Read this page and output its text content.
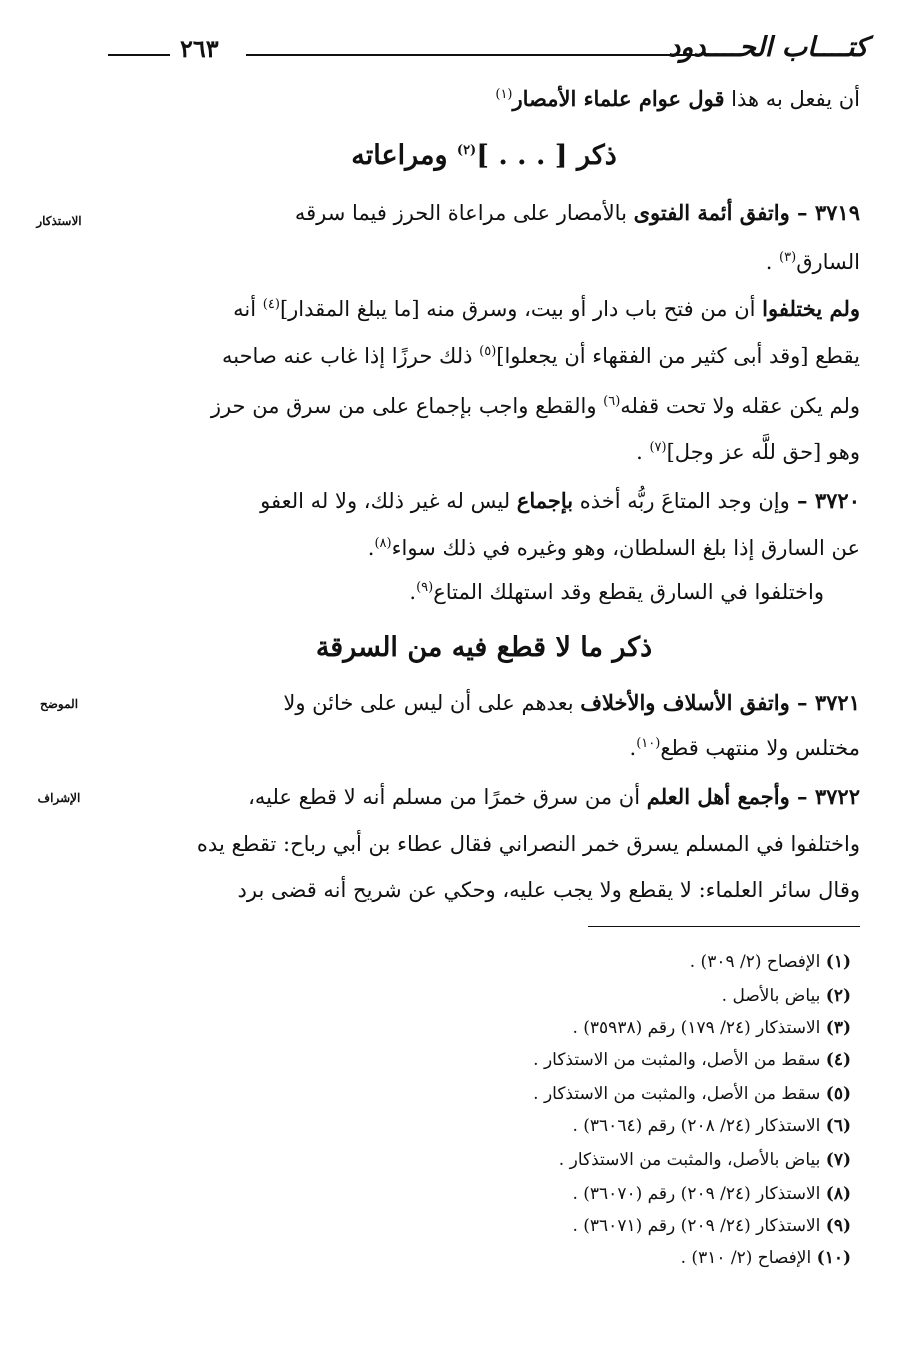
كتــــاب الحــــدود
٢٦٣
الاستذكار
الموضح
الإشراف
أن يفعل به هذا قول عوام علماء الأمصار$^{(١)}$
ذكر [ . . . ]$^{(٢)}$ ومراعاته
٣٧١٩ – واتفق أئمة الفتوى بالأمصار على مراعاة الحرز فيما سرقه
السارق$^{(٣)}$ .
ولم يختلفوا أن من فتح باب دار أو بيت، وسرق منه [ما يبلغ المقدار]$^{(٤)}$ أنه
يقطع [وقد أبى كثير من الفقهاء أن يجعلوا]$^{(٥)}$ ذلك حرزًا إذا غاب عنه صاحبه
ولم يكن عقله ولا تحت قفله$^{(٦)}$ والقطع واجب بإجماع على من سرق من حرز
وهو [حق للَّه عز وجل]$^{(٧)}$ .
٣٧٢٠ – وإن وجد المتاعَ ربُّه أخذه بإجماع ليس له غير ذلك، ولا له العفو
عن السارق إذا بلغ السلطان، وهو وغيره في ذلك سواء$^{(٨)}$.
واختلفوا في السارق يقطع وقد استهلك المتاع$^{(٩)}$.
ذكر ما لا قطع فيه من السرقة
٣٧٢١ – واتفق الأسلاف والأخلاف بعدهم على أن ليس على خائن ولا
مختلس ولا منتهب قطع$^{(١٠)}$.
٣٧٢٢ – وأجمع أهل العلم أن من سرق خمرًا من مسلم أنه لا قطع عليه،
واختلفوا في المسلم يسرق خمر النصراني فقال عطاء بن أبي رباح: تقطع يده
وقال سائر العلماء: لا يقطع ولا يجب عليه، وحكي عن شريح أنه قضى برد
(١) الإفصاح (٢/ ٣٠٩) .
(٢) بياض بالأصل .
(٣) الاستذكار (٢٤/ ١٧٩) رقم (٣٥٩٣٨) .
(٤) سقط من الأصل، والمثبت من الاستذكار .
(٥) سقط من الأصل، والمثبت من الاستذكار .
(٦) الاستذكار (٢٤/ ٢٠٨) رقم (٣٦٠٦٤) .
(٧) بياض بالأصل، والمثبت من الاستذكار .
(٨) الاستذكار (٢٤/ ٢٠٩) رقم (٣٦٠٧٠) .
(٩) الاستذكار (٢٤/ ٢٠٩) رقم (٣٦٠٧١) .
(١٠) الإفصاح (٢/ ٣١٠) .
